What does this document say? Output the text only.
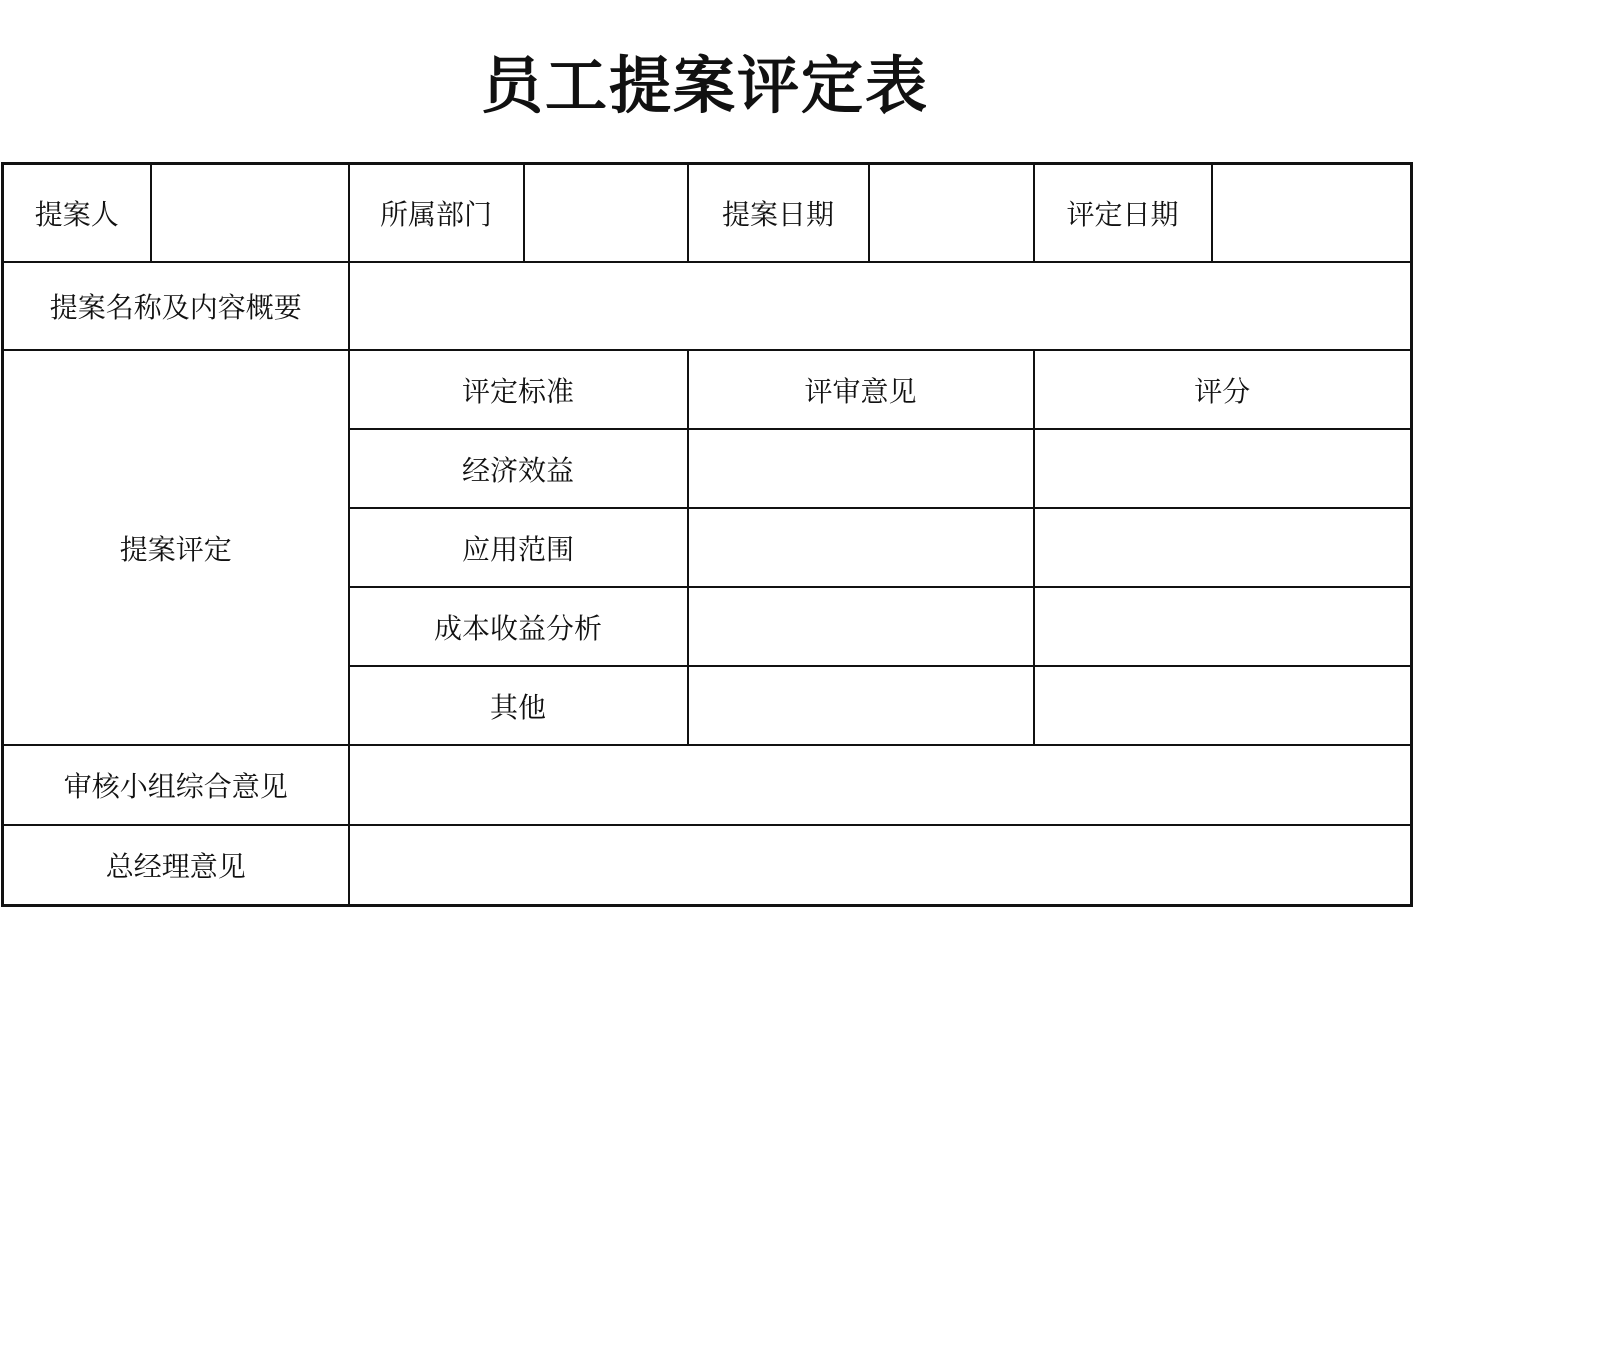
员工提案评定表
提案人		所属部门		提案日期		评定日期	
提案名称及内容概要							
提案评定		评定标准		评审意见		评分	
		经济效益					
		应用范围					
		成本收益分析					
		其他					
审核小组综合意见							
总经理意见							
